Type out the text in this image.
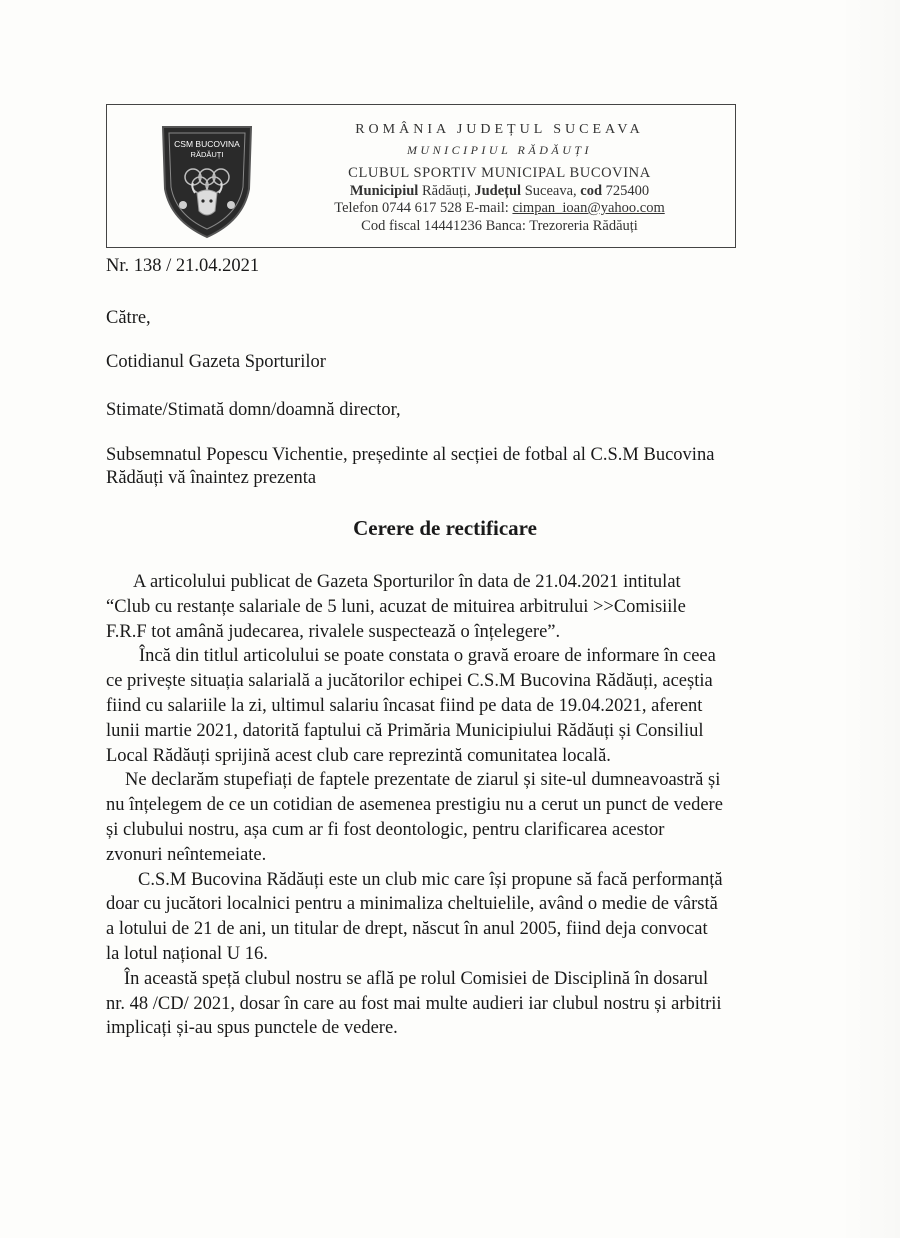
CSM BUCOVINA
RĂDĂUȚI
ROMÂNIA JUDEȚUL SUCEAVA
MUNICIPIUL RĂDĂUȚI
CLUBUL SPORTIV MUNICIPAL BUCOVINA
Municipiul Rădăuți, Județul Suceava, cod 725400
Telefon 0744 617 528 E-mail: cimpan_ioan@yahoo.com
Cod fiscal 14441236 Banca: Trezoreria Rădăuți
Nr. 138 / 21.04.2021
Către,
Cotidianul Gazeta Sporturilor
Stimate/Stimată domn/doamnă director,
Subsemnatul Popescu Vichentie, președinte al secției de fotbal al C.S.M Bucovina
Rădăuți vă înaintez prezenta
Cerere de rectificare
A articolului publicat de Gazeta Sporturilor în data de 21.04.2021 intitulat
“Club cu restanțe salariale de 5 luni, acuzat de mituirea arbitrului >>Comisiile
F.R.F tot amână judecarea, rivalele suspectează o înțelegere”.
Încă din titlul articolului se poate constata o gravă eroare de informare în ceea
ce privește situația salarială a jucătorilor echipei C.S.M Bucovina Rădăuți, aceștia
fiind cu salariile la zi, ultimul salariu încasat fiind pe data de 19.04.2021, aferent
lunii martie 2021, datorită faptului că Primăria Municipiului Rădăuți și Consiliul
Local Rădăuți sprijină acest club care reprezintă comunitatea locală.
Ne declarăm stupefiați de faptele prezentate de ziarul și site-ul dumneavoastră și
nu înțelegem de ce un cotidian de asemenea prestigiu nu a cerut un punct de vedere
și clubului nostru, așa cum ar fi fost deontologic, pentru clarificarea acestor
zvonuri neîntemeiate.
C.S.M Bucovina Rădăuți este un club mic care își propune să facă performanță
doar cu jucători localnici pentru a minimaliza cheltuielile, având o medie de vârstă
a lotului de 21 de ani, un titular de drept, născut în anul 2005, fiind deja convocat
la lotul național U 16.
În această speță clubul nostru se află pe rolul Comisiei de Disciplină în dosarul
nr. 48 /CD/ 2021, dosar în care au fost mai multe audieri iar clubul nostru și arbitrii
implicați și-au spus punctele de vedere.
